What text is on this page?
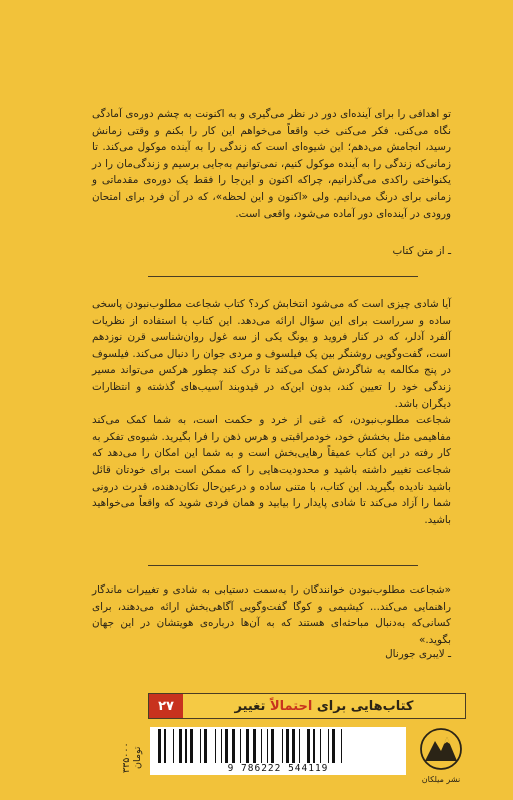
تو اهدافی را برای آینده‌ای دور در نظر می‌گیری و به اکنونت به چشم دوره‌ی آمادگی نگاه می‌کنی. فکر می‌کنی خب واقعاً می‌خواهم این کار را بکنم و وقتی زمانش رسید، انجامش می‌دهم؛ این شیوه‌ای است که زندگی را به آینده موکول می‌کند. تا زمانی‌که زندگی را به آینده موکول کنیم، نمی‌توانیم به‌جایی برسیم و زندگی‌مان را در یکنواختی راکدی می‌گذرانیم، چراکه اکنون و این‌جا را فقط یک دوره‌ی مقدماتی و زمانی برای درنگ می‌دانیم. ولی «اکنون و این لحظه»، که در آن فرد برای امتحان ورودی در آینده‌ای دور آماده می‌شود، واقعی است.

ـ از متن کتاب

آیا شادی چیزی است که می‌شود انتخابش کرد؟ کتاب شجاعت مطلوب‌نبودن پاسخی ساده و سرراست برای این سؤال ارائه می‌دهد. این کتاب با استفاده از نظریات آلفرد آدلر، که در کنار فروید و یونگ یکی از سه غول روان‌شناسی قرن نوزدهم است، گفت‌وگویی روشنگر بین یک فیلسوف و مردی جوان را دنبال می‌کند. فیلسوف در پنج مکالمه به شاگردش کمک می‌کند تا درک کند چطور هرکس می‌تواند مسیر زندگی خود را تعیین کند، بدون این‌که در قیدوبند آسیب‌های گذشته و انتظارات دیگران باشد.

شجاعت مطلوب‌نبودن، که غنی از خرد و حکمت است، به شما کمک می‌کند مفاهیمی مثل بخشش خود، خودمراقبتی و هرس ذهن را فرا بگیرید. شیوه‌ی تفکر به کار رفته در این کتاب عمیقاً رهایی‌بخش است و به شما این امکان را می‌دهد که شجاعت تغییر داشته باشید و محدودیت‌هایی را که ممکن است برای خودتان قائل باشید نادیده بگیرید. این کتاب، با متنی ساده و درعین‌حال تکان‌دهنده، قدرت درونی شما را آزاد می‌کند تا شادی پایدار را بیابید و همان فردی شوید که واقعاً می‌خواهید باشید.

«شجاعت مطلوب‌نبودن خوانندگان را به‌سمت دستیابی به شادی و تغییرات ماندگار راهنمایی می‌کند... کیشیمی و کوگا گفت‌وگویی آگاهی‌بخش ارائه می‌دهند، برای کسانی‌که به‌دنبال مباحثه‌ای هستند که به آن‌ها درباره‌ی هویتشان در این جهان بگوید.»

ـ لایبری جورنال
۲۷	کتاب‌هایی برای احتمالاً تغییر
۳۳۵۰۰۰ تومان	9 786222 544119
نشر میلکان
